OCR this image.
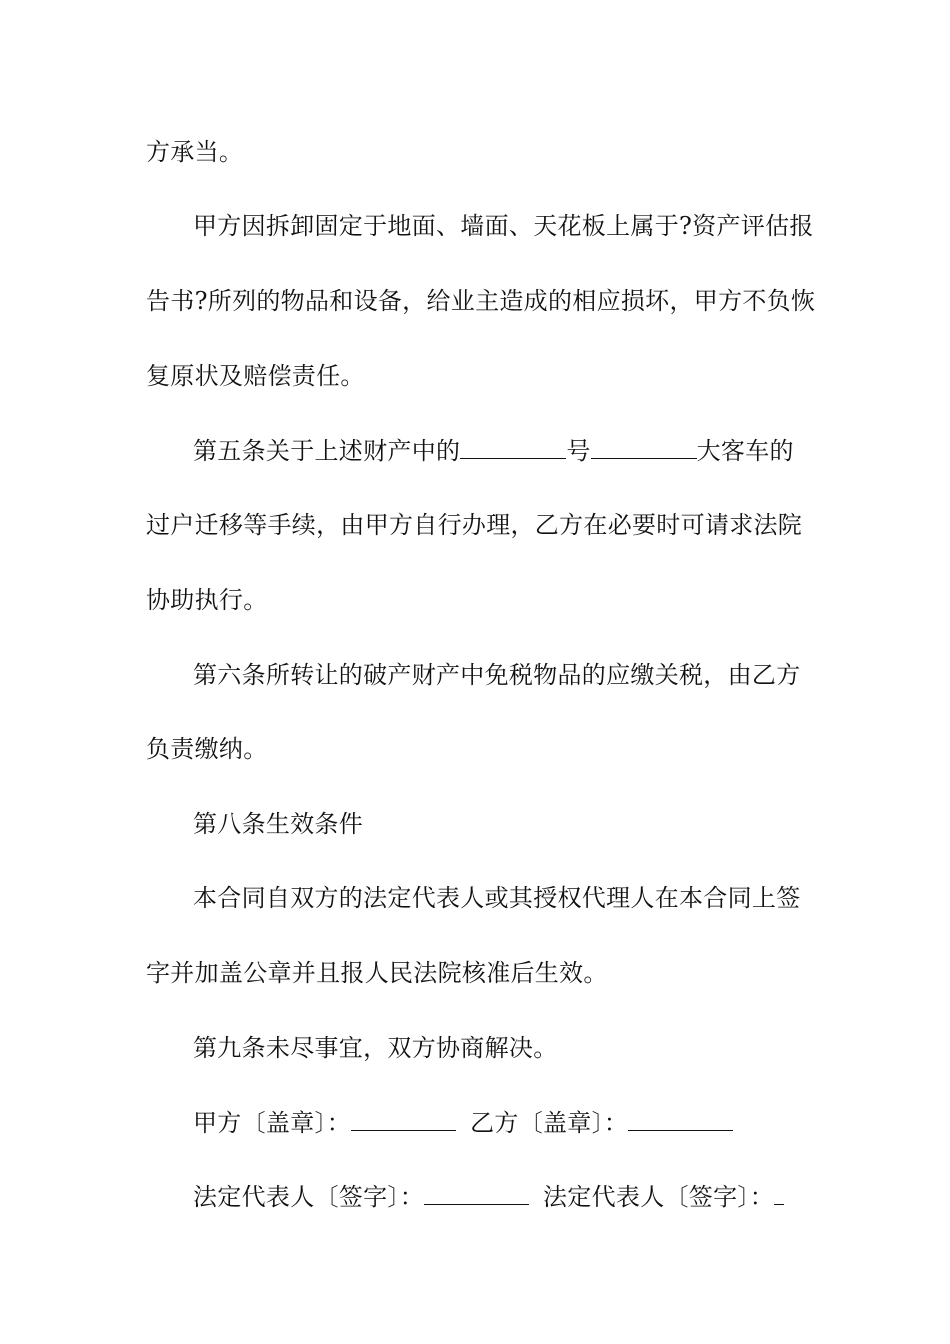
方承当。
甲方因拆卸固定于地面、墙面、天花板上属于?资产评估报
告书?所列的物品和设备，给业主造成的相应损坏，甲方不负恢
复原状及赔偿责任。
第五条关于上述财产中的	号	大客车的
过户迁移等手续，由甲方自行办理，乙方在必要时可请求法院
协助执行。
第六条所转让的破产财产中免税物品的应缴关税，由乙方
负责缴纳。
第八条生效条件
本合同自双方的法定代表人或其授权代理人在本合同上签
字并加盖公章并且报人民法院核准后生效。
第九条未尽事宜，双方协商解决。
甲方〔盖章〕：	乙方〔盖章〕：
法定代表人〔签字〕：	法定代表人〔签字〕：
